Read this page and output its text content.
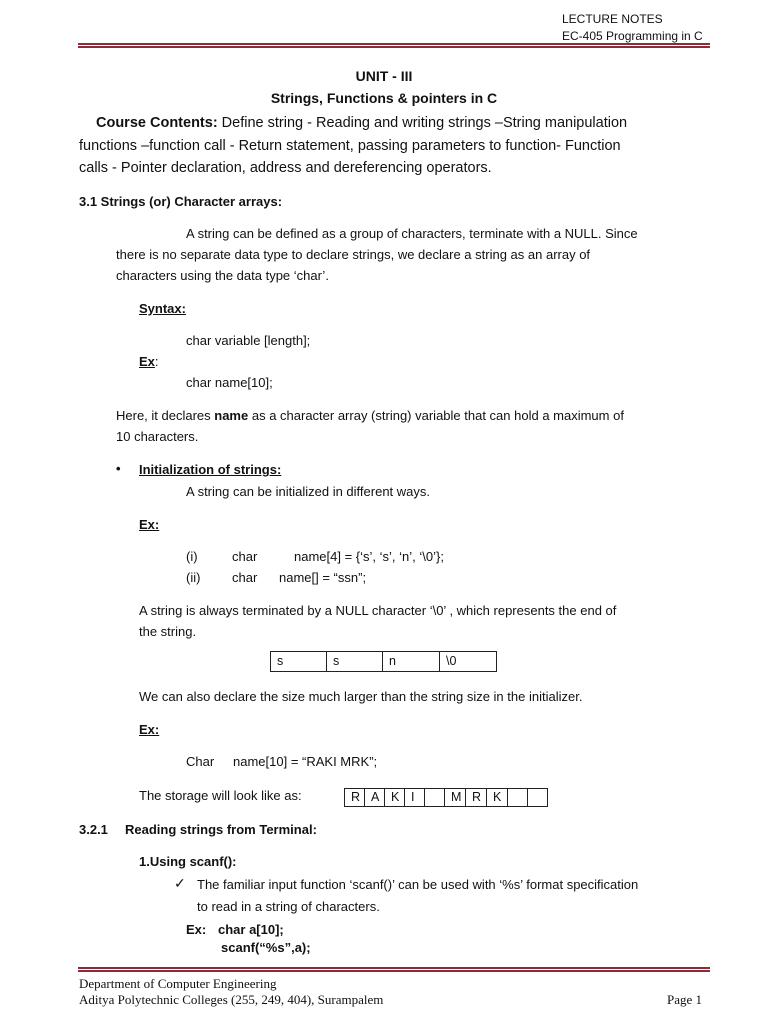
LECTURE NOTES
EC-405 Programming in C
UNIT - III
Strings, Functions & pointers in C
Course Contents: Define string - Reading and writing strings –String manipulation
functions –function call - Return statement, passing parameters to function- Function
calls - Pointer declaration, address and dereferencing operators.
3.1 Strings (or) Character arrays:
A string can be defined as a group of characters, terminate with a NULL. Since
there is no separate data type to declare strings, we declare a string as an array of
characters using the data type ‘char’.
Syntax:
char variable [length];
Ex:
char name[10];
Here, it declares name as a character array (string) variable that can hold a maximum of
10 characters.
• Initialization of strings:
A string can be initialized in different ways.
Ex:
(i)	char	name[4] = {‘s’, ‘s’, ‘n’, ‘\0’};
(ii) char name[] = “ssn”;
A string is always terminated by a NULL character ‘\0’ , which represents the end of
the string.
s	s	n	\0
We can also declare the size much larger than the string size in the initializer.
Ex:
Char name[10] = “RAKI MRK”;
The storage will look like as:	R A K I	M R K
3.2.1 Reading strings from Terminal:
1.Using scanf():
✓ The familiar input function ‘scanf()’ can be used with ‘%s’ format specification
to read in a string of characters.
Ex: char a[10];
scanf(“%s”,a);
Department of Computer Engineering
Aditya Polytechnic Colleges (255, 249, 404), Surampalem	Page 1
